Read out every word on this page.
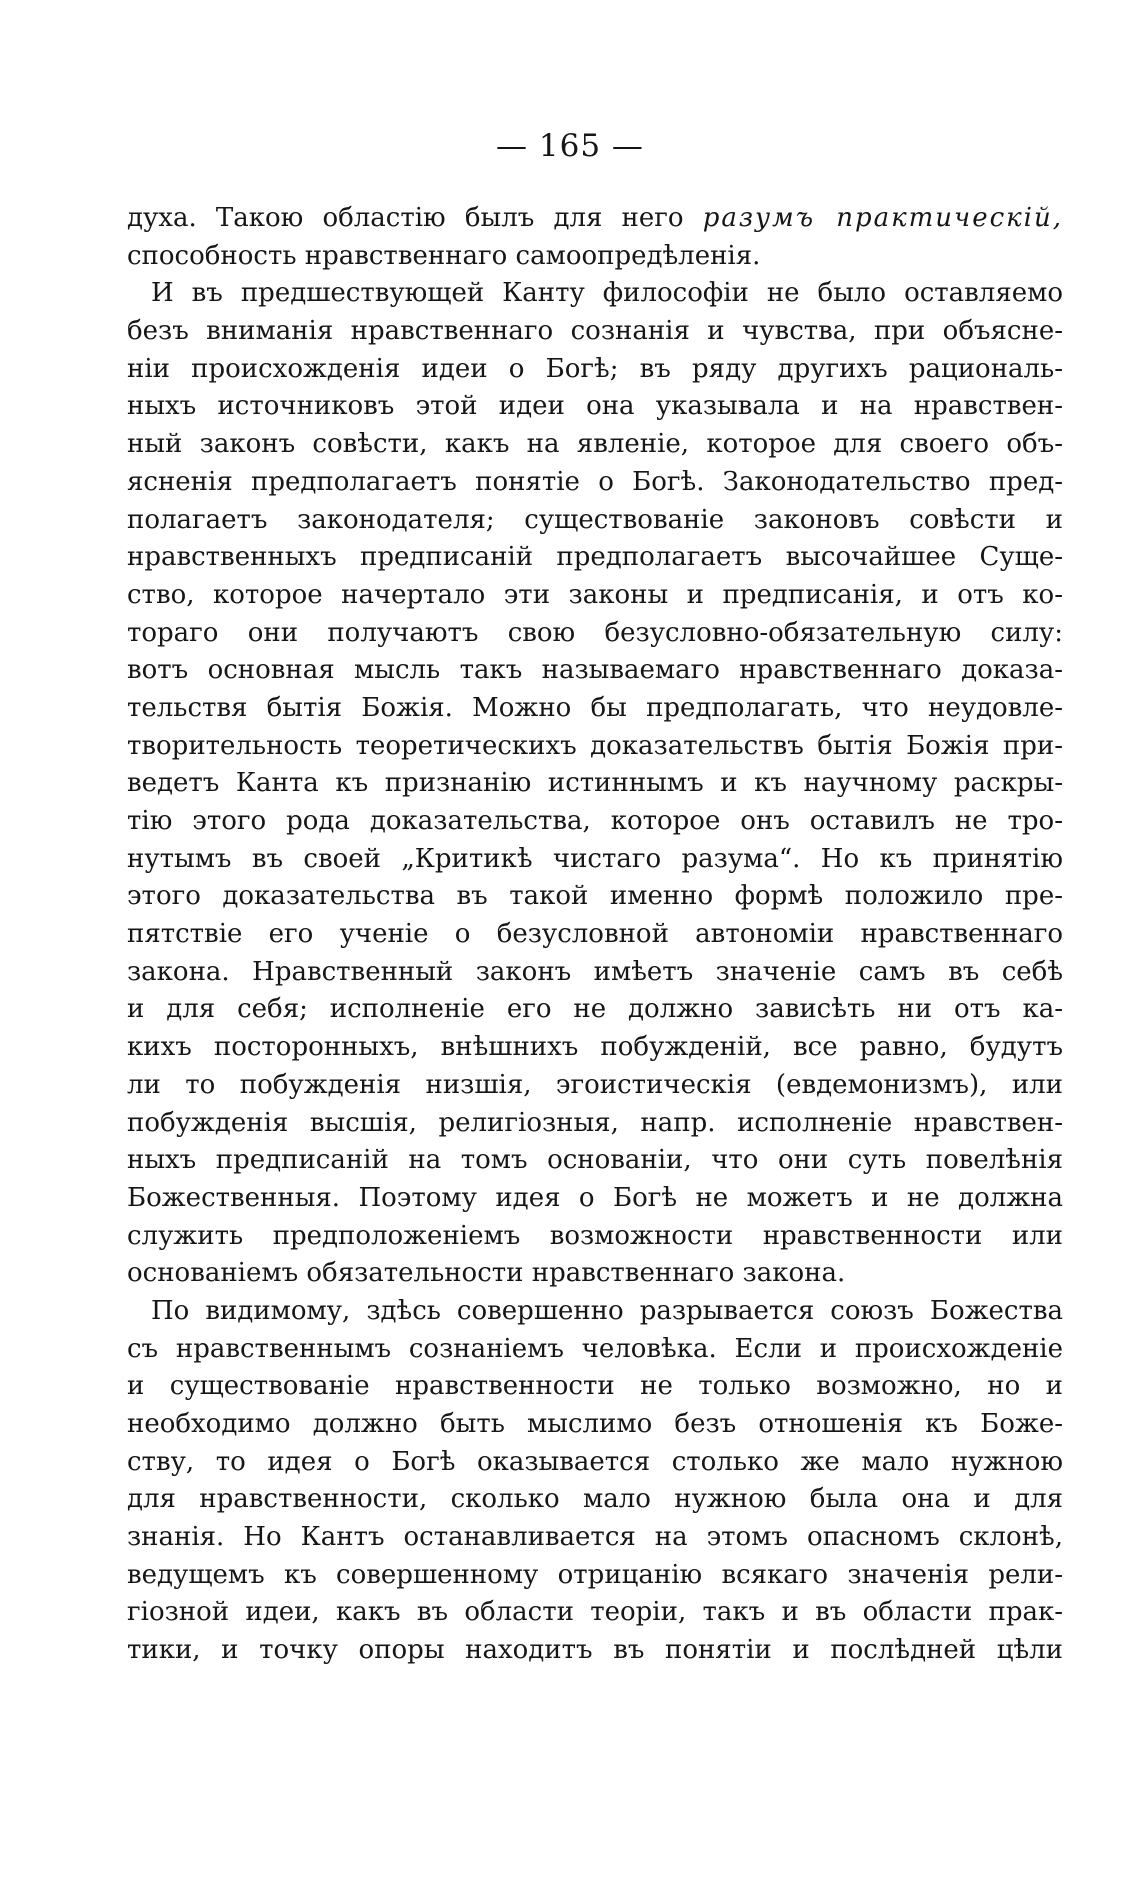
— 165 —
духа. Такою областію былъ для него разумъ практическій,
способность нравственнаго самоопредѣленія.
И въ предшествующей Канту философіи не было оставляемо
безъ вниманія нравственнаго сознанія и чувства, при объясне-
ніи происхожденія идеи о Богѣ; въ ряду другихъ рациональ-
ныхъ источниковъ этой идеи она указывала и на нравствен-
ный законъ совѣсти, какъ на явленіе, которое для своего объ-
ясненія предполагаетъ понятіе о Богѣ. Законодательство пред-
полагаетъ законодателя; существованіе законовъ совѣсти и
нравственныхъ предписаній предполагаетъ высочайшее Суще-
ство, которое начертало эти законы и предписанія, и отъ ко-
тораго они получаютъ свою безусловно-обязательную силу:
вотъ основная мысль такъ называемаго нравственнаго доказа-
тельствя бытія Божія. Можно бы предполагать, что неудовле-
творительность теоретическихъ доказательствъ бытія Божія при-
ведетъ Канта къ признанію истиннымъ и къ научному раскры-
тію этого рода доказательства, которое онъ оставилъ не тро-
нутымъ въ своей „Критикѣ чистаго разума“. Но къ принятію
этого доказательства въ такой именно формѣ положило пре-
пятствіе его ученіе о безусловной автономіи нравственнаго
закона. Нравственный законъ имѣетъ значеніе самъ въ себѣ
и для себя; исполненіе его не должно зависѣть ни отъ ка-
кихъ посторонныхъ, внѣшнихъ побужденій, все равно, будутъ
ли то побужденія низшія, эгоистическія (евдемонизмъ), или
побужденія высшія, религіозныя, напр. исполненіе нравствен-
ныхъ предписаній на томъ основаніи, что они суть повелѣнія
Божественныя. Поэтому идея о Богѣ не можетъ и не должна
служить предположеніемъ возможности нравственности или
основаніемъ обязательности нравственнаго закона.
По видимому, здѣсь совершенно разрывается союзъ Божества
съ нравственнымъ сознаніемъ человѣка. Если и происхожденіе
и существованіе нравственности не только возможно, но и
необходимо должно быть мыслимо безъ отношенія къ Боже-
ству, то идея о Богѣ оказывается столько же мало нужною
для нравственности, сколько мало нужною была она и для
знанія. Но Кантъ останавливается на этомъ опасномъ склонѣ,
ведущемъ къ совершенному отрицанію всякаго значенія рели-
гіозной идеи, какъ въ области теоріи, такъ и въ области прак-
тики, и точку опоры находитъ въ понятіи и послѣдней цѣли
